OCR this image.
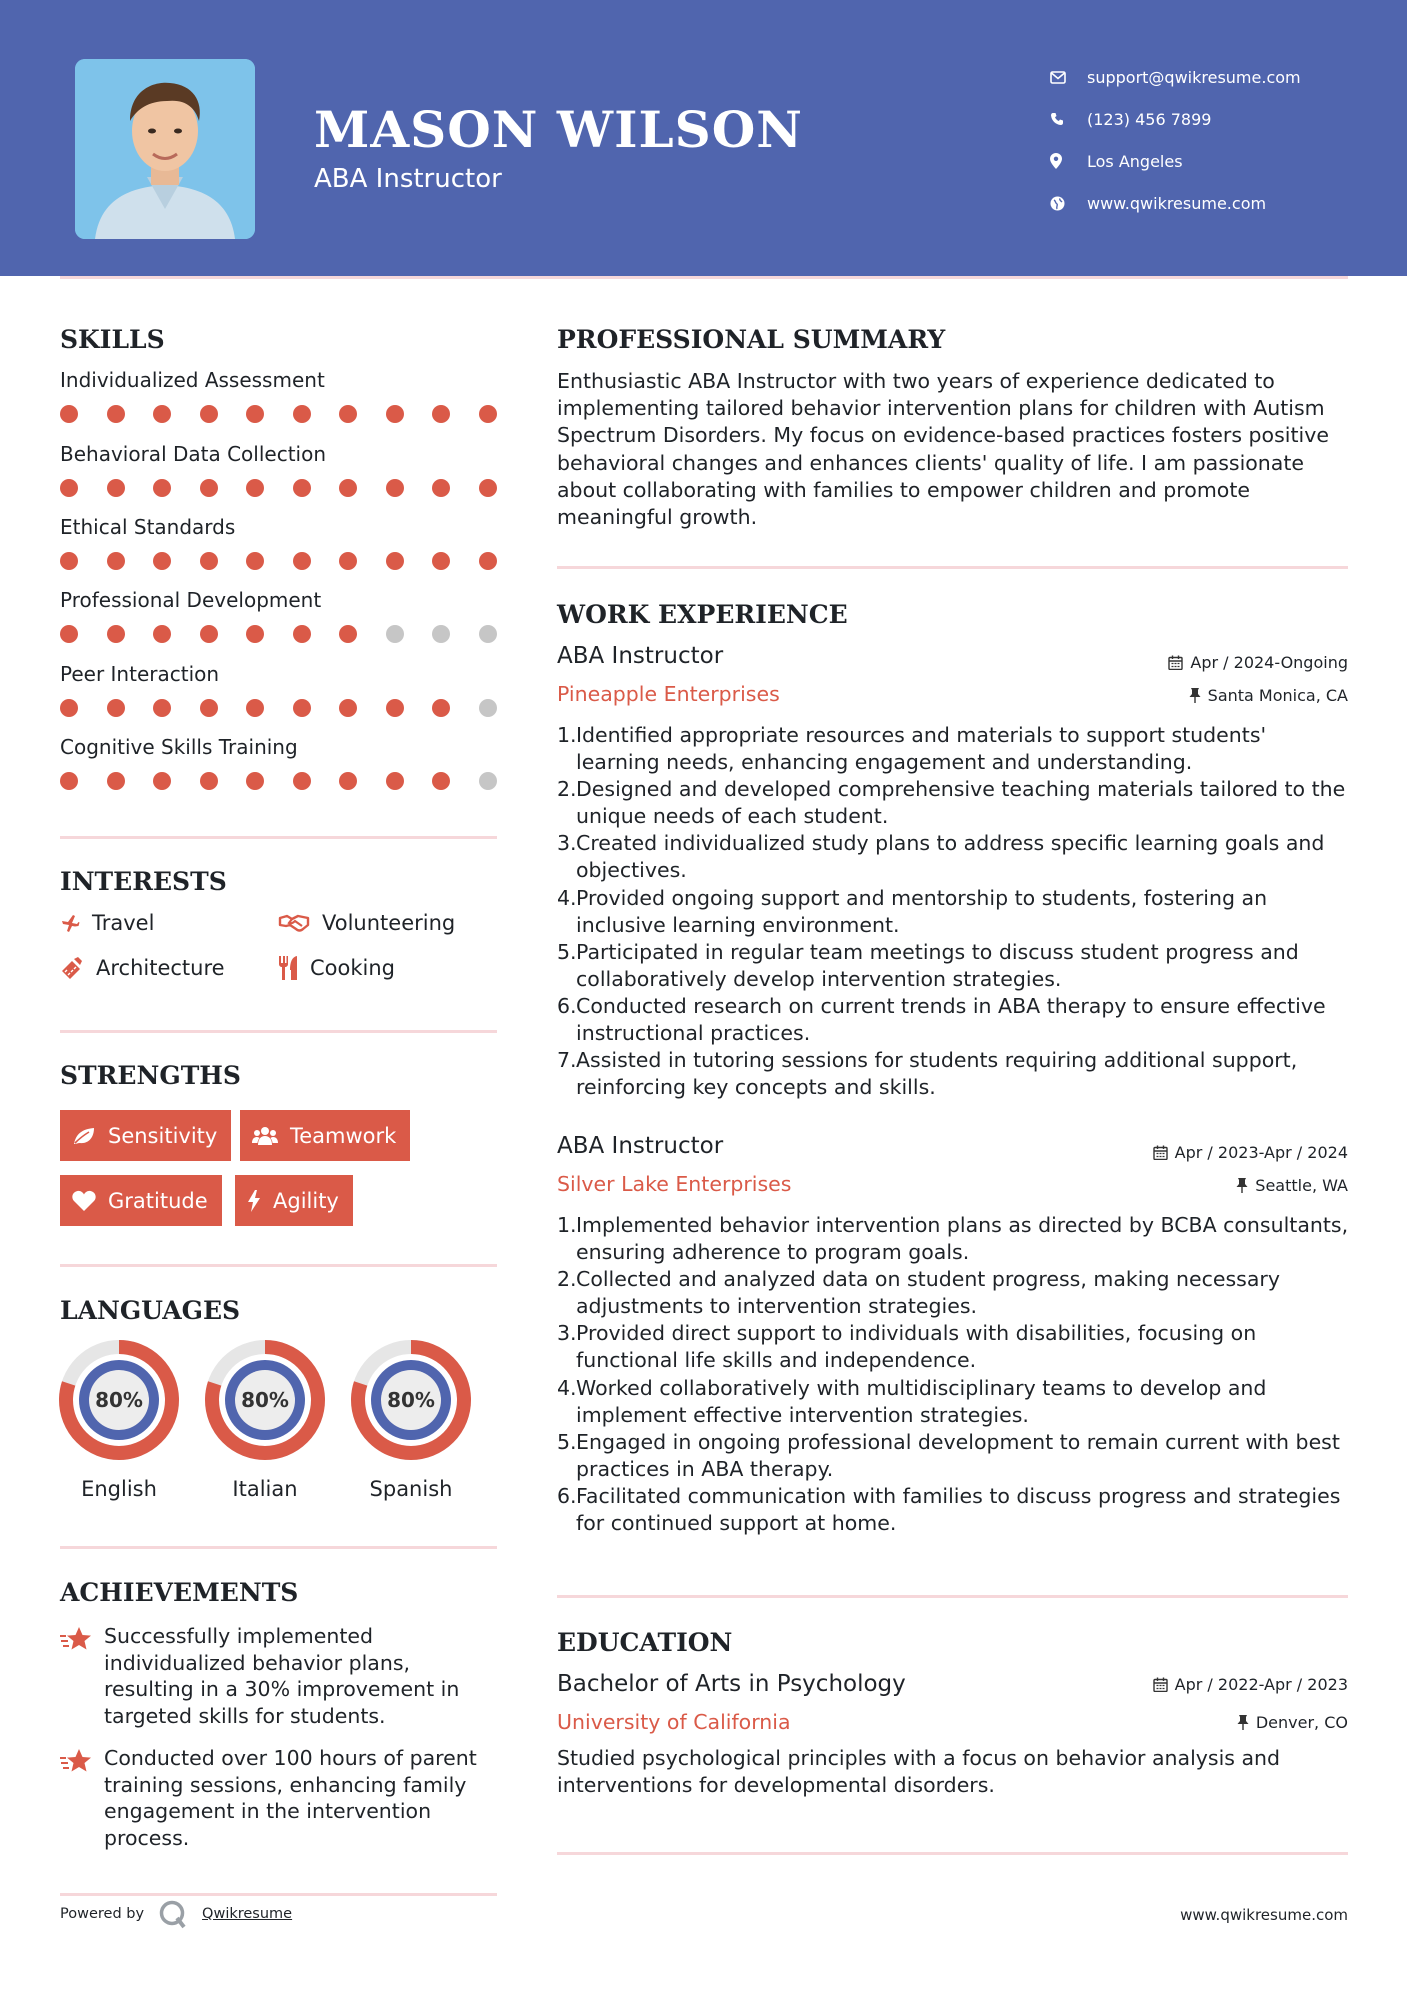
MASON WILSON
ABA Instructor
support@qwikresume.com
(123) 456 7899
Los Angeles
www.qwikresume.com
SKILLS
Individualized Assessment
Behavioral Data Collection
Ethical Standards
Professional Development
Peer Interaction
Cognitive Skills Training
INTERESTS
Travel	Volunteering
Architecture	Cooking
STRENGTHS
Sensitivity	Teamwork
Gratitude	Agility
LANGUAGES
80%
English
80%
Italian
80%
Spanish
ACHIEVEMENTS
Successfully implemented individualized behavior plans, resulting in a 30% improvement in targeted skills for students.
Conducted over 100 hours of parent training sessions, enhancing family engagement in the intervention process.
PROFESSIONAL SUMMARY
Enthusiastic ABA Instructor with two years of experience dedicated to implementing tailored behavior intervention plans for children with Autism Spectrum Disorders. My focus on evidence-based practices fosters positive behavioral changes and enhances clients' quality of life. I am passionate about collaborating with families to empower children and promote meaningful growth.
WORK EXPERIENCE
ABA Instructor	Apr / 2024-Ongoing
Pineapple Enterprises	Santa Monica, CA
1. Identified appropriate resources and materials to support students' learning needs, enhancing engagement and understanding.
2. Designed and developed comprehensive teaching materials tailored to the unique needs of each student.
3. Created individualized study plans to address specific learning goals and objectives.
4. Provided ongoing support and mentorship to students, fostering an inclusive learning environment.
5. Participated in regular team meetings to discuss student progress and collaboratively develop intervention strategies.
6. Conducted research on current trends in ABA therapy to ensure effective instructional practices.
7. Assisted in tutoring sessions for students requiring additional support, reinforcing key concepts and skills.
ABA Instructor	Apr / 2023-Apr / 2024
Silver Lake Enterprises	Seattle, WA
1. Implemented behavior intervention plans as directed by BCBA consultants, ensuring adherence to program goals.
2. Collected and analyzed data on student progress, making necessary adjustments to intervention strategies.
3. Provided direct support to individuals with disabilities, focusing on functional life skills and independence.
4. Worked collaboratively with multidisciplinary teams to develop and implement effective intervention strategies.
5. Engaged in ongoing professional development to remain current with best practices in ABA therapy.
6. Facilitated communication with families to discuss progress and strategies for continued support at home.
EDUCATION
Bachelor of Arts in Psychology	Apr / 2022-Apr / 2023
University of California	Denver, CO
Studied psychological principles with a focus on behavior analysis and interventions for developmental disorders.
Powered by	Qwikresume	www.qwikresume.com
